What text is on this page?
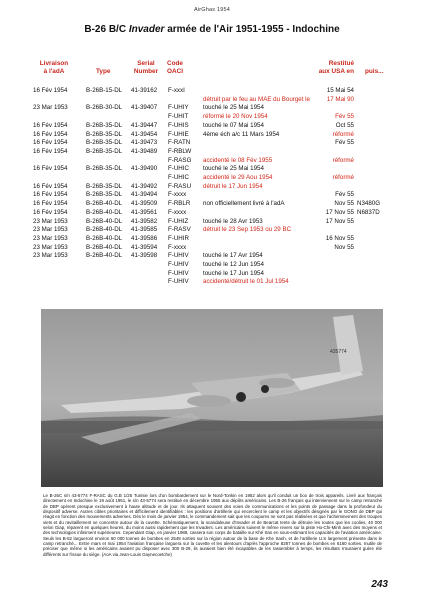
AirGhas 1954
B-26 B/C Invader armée de l'Air 1951-1955 - Indochine
Livraison
à l'adA	Type
Serial
Number
Code
OACI
Restitué
aux USA en puis...
16 Fév 1954	B-26B-15-DL 41-39162 F-xxxI	15 Mai 54
détruit par le feu au MAE du Bourget le	17 Mai 90
23 Mar 1953	B-26B-30-DL 41-39407 F-UHIY touché le 25 Mai 1954
F-UHIT réformé le 20 Nov 1954	Fév 55
16 Fév 1954	B-26B-35-DL 41-39447 F-UHIS touché le 07 Mai 1954	Oct 55
16 Fév 1954	B-26B-35-DL 41-39454 F-UHIE 4ème éch a/c 11 Mars 1954	réformé
16 Fév 1954	B-26B-35-DL 41-39473 F-RATN	Fév 55
16 Fév 1954	B-26B-35-DL 41-39489 F-RBLW
F-RASG accidenté le 08 Fév 1955	réformé
16 Fév 1954	B-26B-35-DL 41-39490 F-UHIC touché le 25 Mai 1954
F-UHIC accidenté le 29 Aou 1954	réformé
16 Fév 1954	B-26B-35-DL 41-39492 F-RASU détruit le 17 Jun 1954
16 Fév 1954	B-26B-35-DL 41-39494 F-xxxx	Fév 55
16 Fév 1954	B-26B-40-DL 41-39509 F-RBLR non officiellement livré à l'adA	Nov 55 N3480G
16 Fév 1954	B-26B-40-DL 41-39561 F-xxxx	17 Nov 55 N6837D
23 Mar 1953	B-26B-40-DL 41-39582 F-UHIZ touché le 28 Avr 1953	17 Nov 55
23 Mar 1953	B-26B-40-DL 41-39585 F-RASV détruit le 23 Sep 1953 ou 29 BC
23 Mar 1953	B-26B-40-DL 41-39586 F-UHIR	16 Nov 55
23 Mar 1953	B-26B-40-DL 41-39594 F-xxxx	Nov 55
23 Mar 1953	B-26B-40-DL 41-39598 F-UHIV touché le 17 Avr 1954
F-UHIV touché le 12 Jun 1954
F-UHIV touché le 17 Jun 1954
F-UHIV accidenté/détruit le 01 Jul 1954
435774
Le B-26C s/n 43-5774 F-RASC du G.B 1/25 Tunisie lors d'un bombardement sur le Nord-Tonkin en 1952 alors qu'il conduit un box de trois appareils. Livré aux français directement en Indochine le 19 août 1951, le s/n 43-5774 sera restitué en décembre 1955 aux dépôts américains. Les B-26 français qui interviennent sur le camp retranché de DBP opèrent presque exclusivement à haute altitude et de jour. Ils attaquent souvent des voies de communications et les points de passage dans la profondeur du dispositif adverse. Autres cibles prioritaires et difficilement identifiables : les positions d'artillerie qui encerclent le camp et les objectifs désignés par le GONO de DBP qui réagit en fonction des mouvements adverses. Dès le mois de janvier 1954, le commandement sait que les coupures ne sont pas réalisées et que l'acheminement des troupes viets et du ravitaillement se concentre autour de la cuvette. Schématiquement, la scandaleuse d'Invader et de Bearcat tente de détruire les routes que les coolies, 40 000 selon Giap, réparent en quelques heures, du moins aussi rapidement que les Invaders. Les américains suivent le même revers sur la piste Ho-Chi-Minh avec des moyens et des technologies infiniment supérieures. Cependant Giap, en janvier 1988, cassera son corps de bataille sur Khé San en sous-estimant les capacités de l'aviation américaine. Seuls les B-52 largueront environ 60 000 tonnes de bombes en 2548 sorties sur la région autour de la base de Khe Sanh, et de l'artillerie U.S largement présente dans le camp retranché... Entre mars et mai 1954 l'aviation française larguera sur la cuvette et les alentours d'après l'approche 8287 tonnes de bombes en 6160 sorties. Inutile de préciser que même si les américains avaient pu disposer avec 300 B-29, ils auraient bien été incapables de les rassembler à temps, les résultats n'auraient guère été différents sur l'issue du siège. (AoA via Jean-Louis Gaynecoetche)
243
